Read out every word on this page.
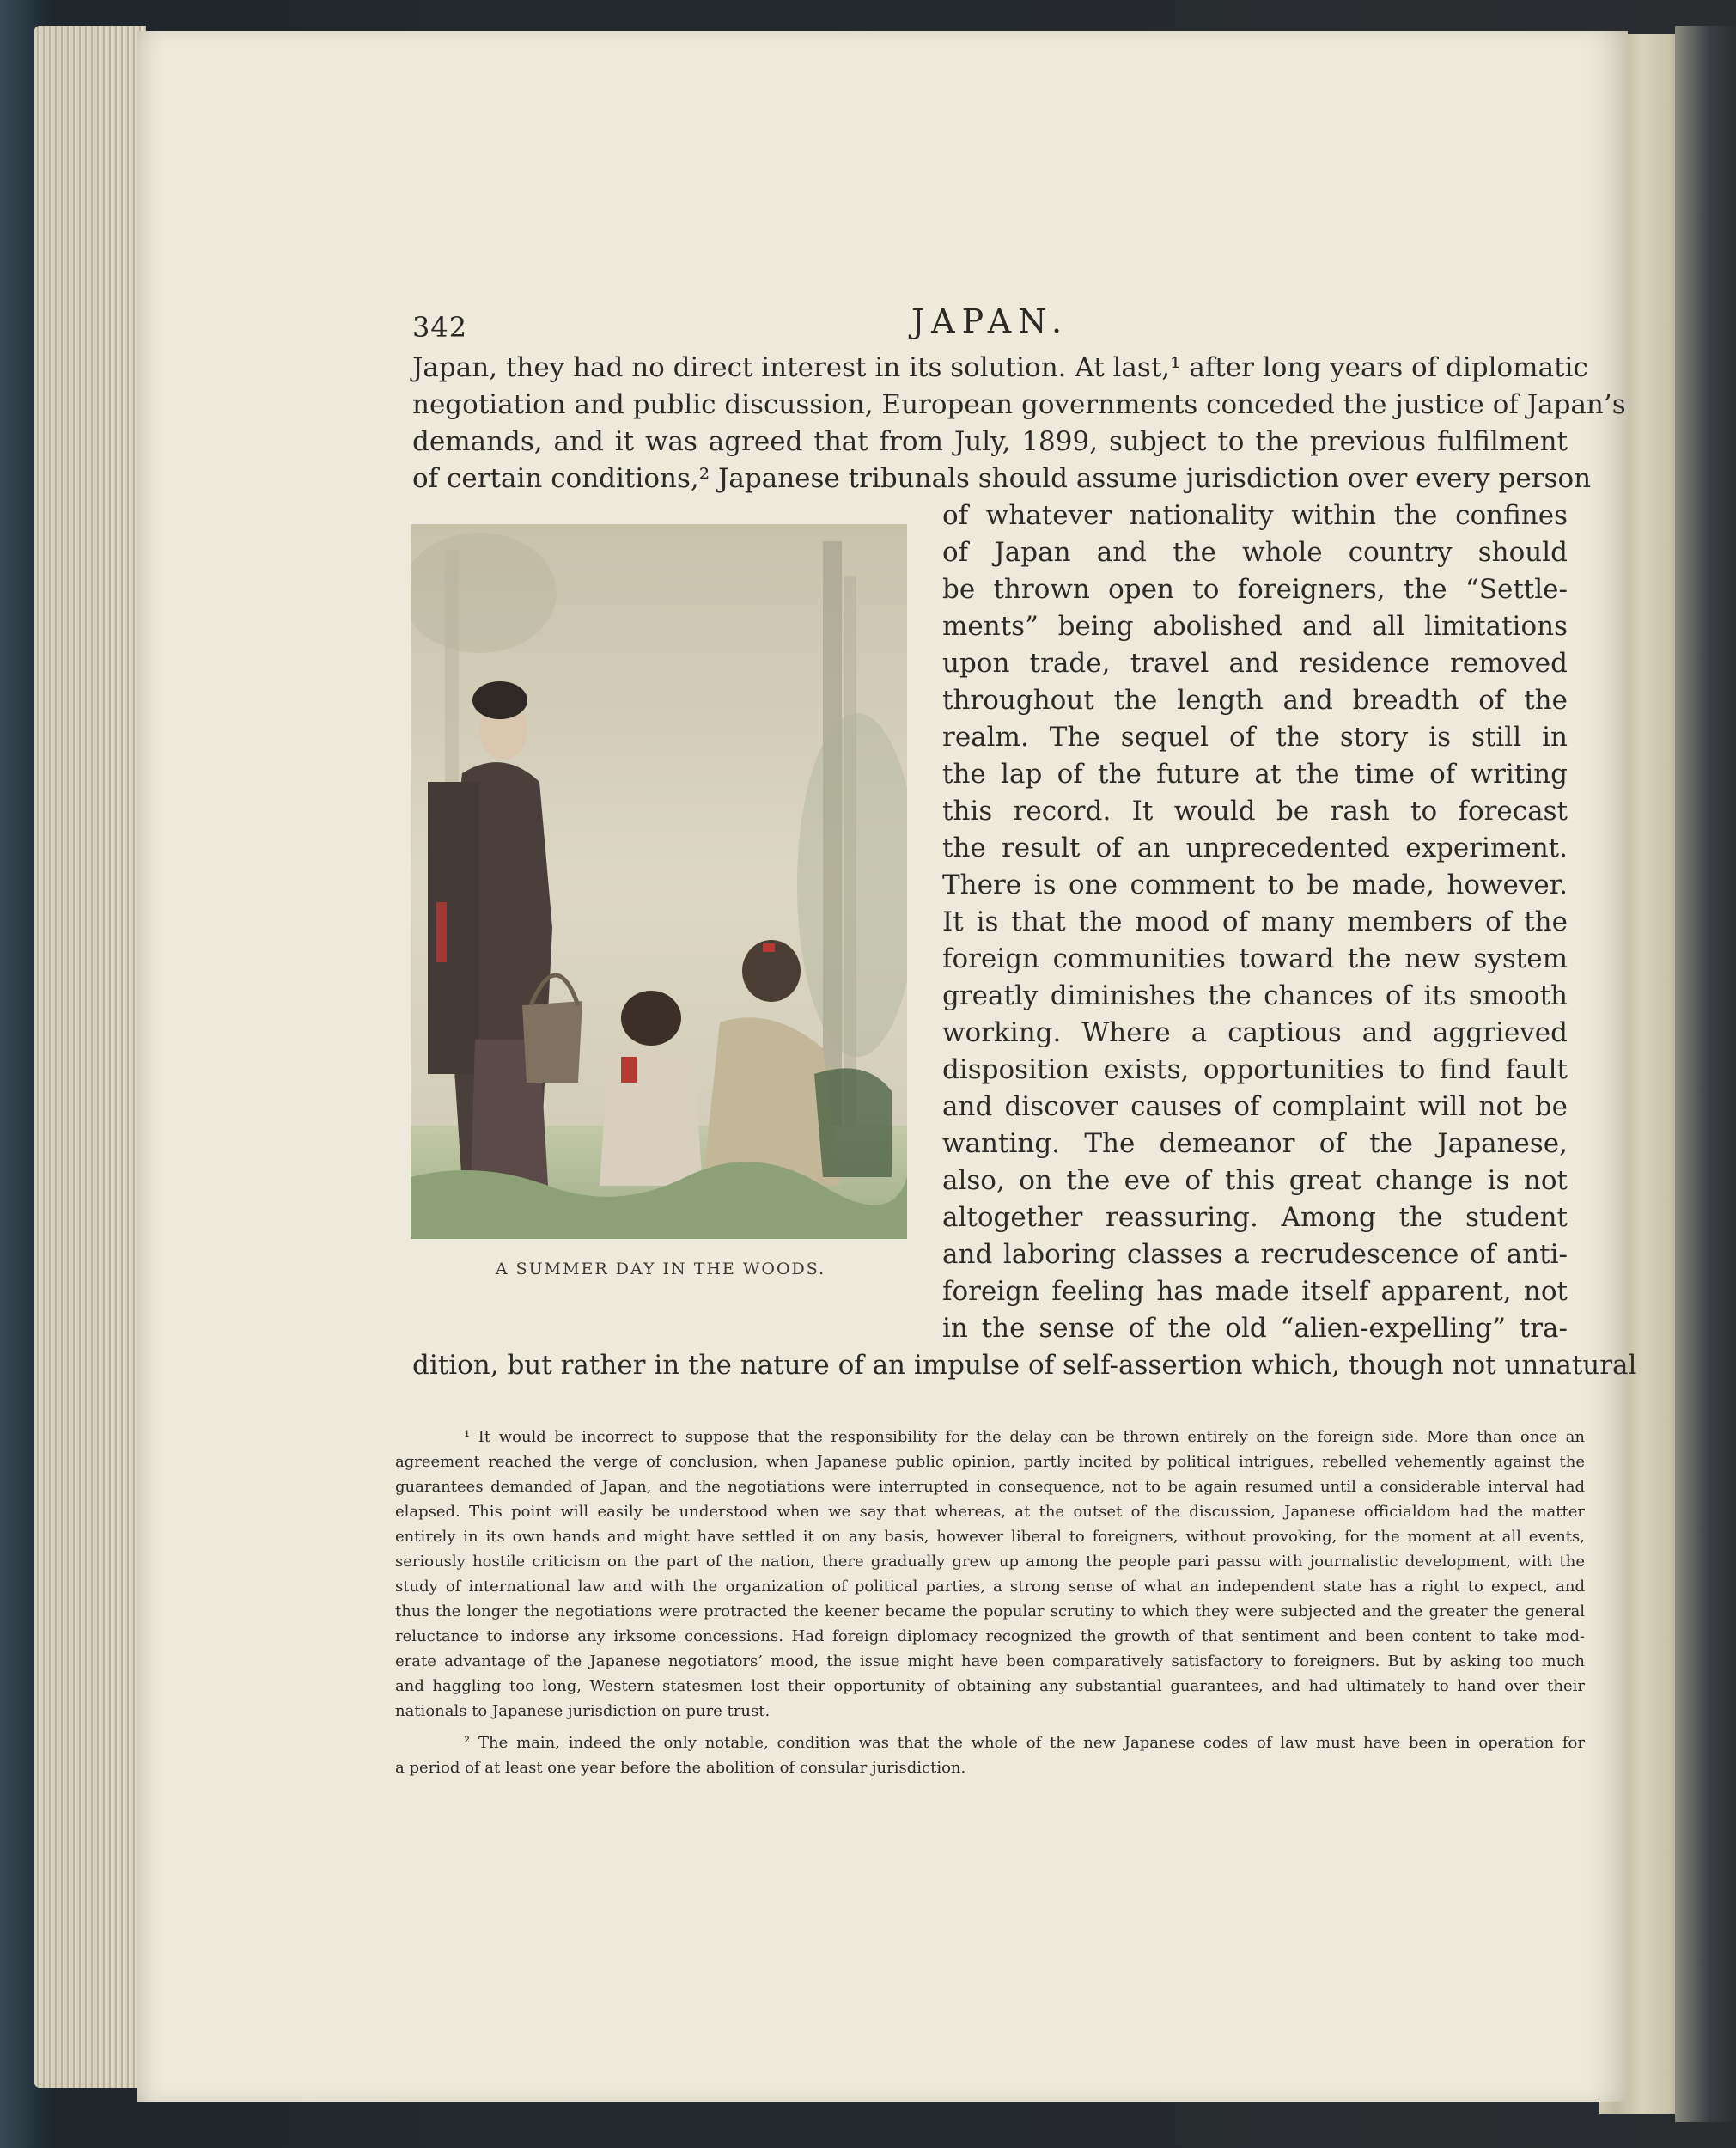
342	JAPAN.
Japan, they had no direct interest in its solution. At last,¹ after long years of diplomatic
negotiation and public discussion, European governments conceded the justice of Japan’s
demands, and it was agreed that from July, 1899, subject to the previous fulfilment
of certain conditions,² Japanese tribunals should assume jurisdiction over every person
A SUMMER DAY IN THE WOODS.
of whatever nationality within the confines
of Japan and the whole country should
be thrown open to foreigners, the “Settle-
ments” being abolished and all limitations
upon trade, travel and residence removed
throughout the length and breadth of the
realm. The sequel of the story is still in
the lap of the future at the time of writing
this record. It would be rash to forecast
the result of an unprecedented experiment.
There is one comment to be made, however.
It is that the mood of many members of the
foreign communities toward the new system
greatly diminishes the chances of its smooth
working. Where a captious and aggrieved
disposition exists, opportunities to find fault
and discover causes of complaint will not be
wanting. The demeanor of the Japanese,
also, on the eve of this great change is not
altogether reassuring. Among the student
and laboring classes a recrudescence of anti-
foreign feeling has made itself apparent, not
in the sense of the old “alien-expelling” tra-
dition, but rather in the nature of an impulse of self-assertion which, though not unnatural
¹ It would be incorrect to suppose that the responsibility for the delay can be thrown entirely on the foreign side. More than once an
agreement reached the verge of conclusion, when Japanese public opinion, partly incited by political intrigues, rebelled vehemently against the
guarantees demanded of Japan, and the negotiations were interrupted in consequence, not to be again resumed until a considerable interval had
elapsed. This point will easily be understood when we say that whereas, at the outset of the discussion, Japanese officialdom had the matter
entirely in its own hands and might have settled it on any basis, however liberal to foreigners, without provoking, for the moment at all events,
seriously hostile criticism on the part of the nation, there gradually grew up among the people pari passu with journalistic development, with the
study of international law and with the organization of political parties, a strong sense of what an independent state has a right to expect, and
thus the longer the negotiations were protracted the keener became the popular scrutiny to which they were subjected and the greater the general
reluctance to indorse any irksome concessions. Had foreign diplomacy recognized the growth of that sentiment and been content to take mod-
erate advantage of the Japanese negotiators’ mood, the issue might have been comparatively satisfactory to foreigners. But by asking too much
and haggling too long, Western statesmen lost their opportunity of obtaining any substantial guarantees, and had ultimately to hand over their
nationals to Japanese jurisdiction on pure trust.
² The main, indeed the only notable, condition was that the whole of the new Japanese codes of law must have been in operation for
a period of at least one year before the abolition of consular jurisdiction.
